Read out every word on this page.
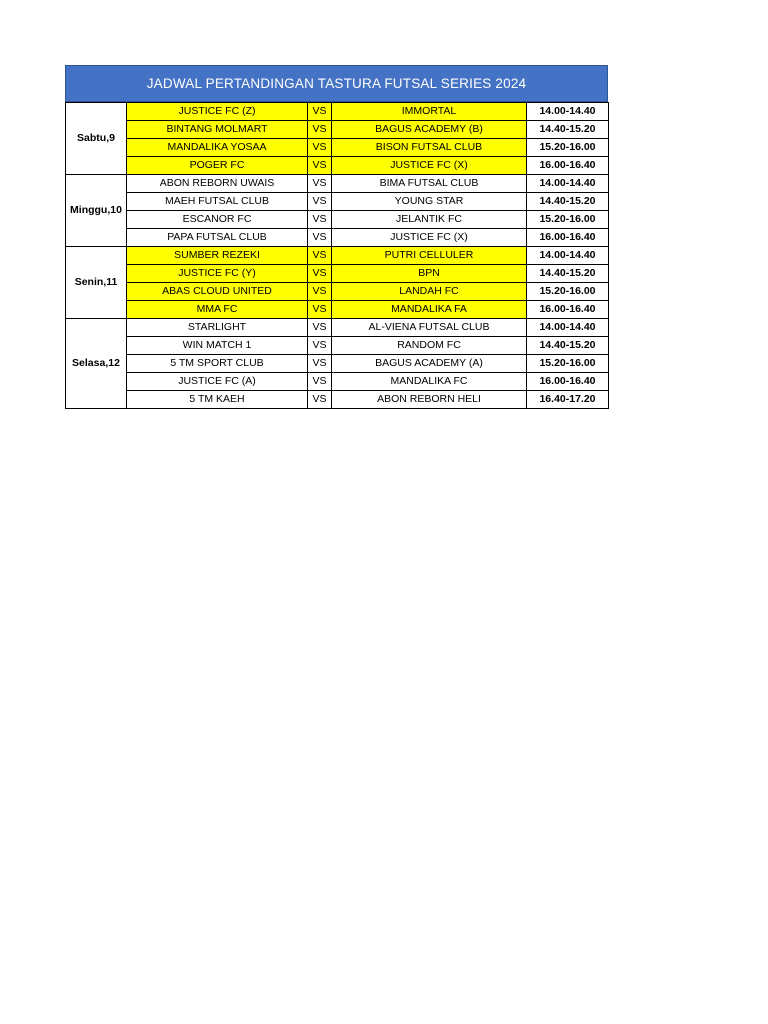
JADWAL PERTANDINGAN TASTURA FUTSAL SERIES 2024
Sabtu,9	JUSTICE FC (Z)	VS	IMMORTAL	14.00-14.40
	BINTANG MOLMART	VS	BAGUS ACADEMY (B)	14.40-15.20
	MANDALIKA YOSAA	VS	BISON FUTSAL CLUB	15.20-16.00
	POGER FC	VS	JUSTICE FC (X)	16.00-16.40
Minggu,10	ABON REBORN UWAIS	VS	BIMA FUTSAL CLUB	14.00-14.40
	MAEH FUTSAL CLUB	VS	YOUNG STAR	14.40-15.20
	ESCANOR FC	VS	JELANTIK FC	15.20-16.00
	PAPA FUTSAL CLUB	VS	JUSTICE FC (X)	16.00-16.40
Senin,11	SUMBER REZEKI	VS	PUTRI CELLULER	14.00-14.40
	JUSTICE FC (Y)	VS	BPN	14.40-15.20
	ABAS CLOUD UNITED	VS	LANDAH FC	15.20-16.00
	MMA FC	VS	MANDALIKA FA	16.00-16.40
Selasa,12	STARLIGHT	VS	AL-VIENA FUTSAL CLUB	14.00-14.40
	WIN MATCH 1	VS	RANDOM FC	14.40-15.20
	5 TM SPORT CLUB	VS	BAGUS ACADEMY (A)	15.20-16.00
	JUSTICE FC (A)	VS	MANDALIKA FC	16.00-16.40
	5 TM KAEH	VS	ABON REBORN HELI	16.40-17.20
